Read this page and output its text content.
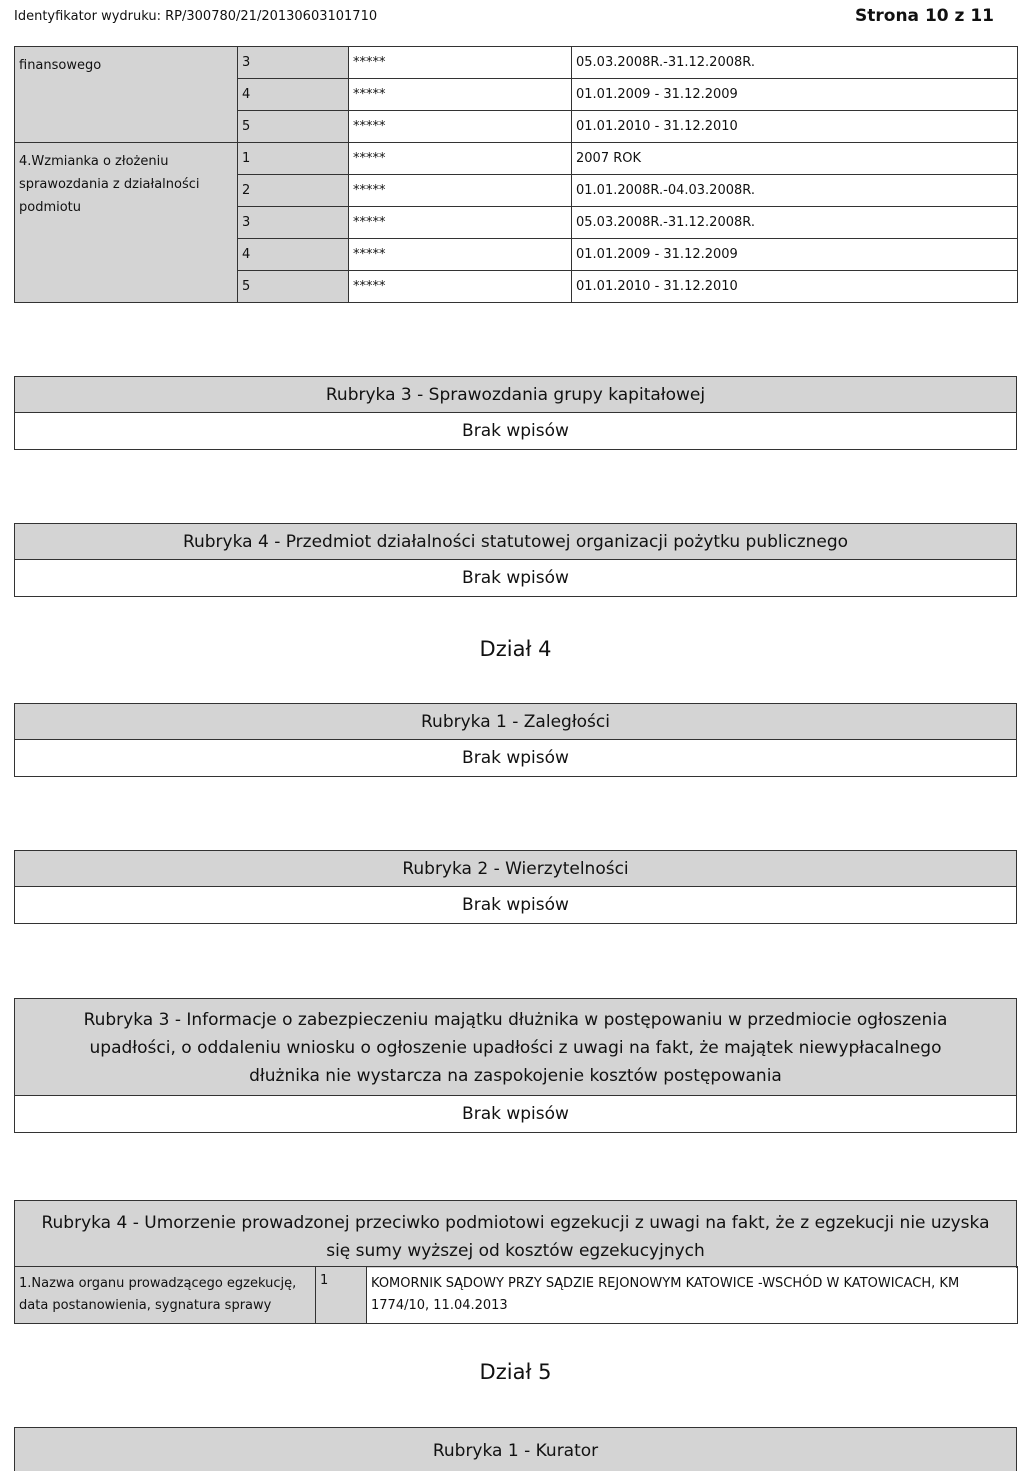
Identyfikator wydruku: RP/300780/21/20130603101710	Strona 10 z 11
finansowego	3	*****	05.03.2008R.-31.12.2008R.
	4	*****	01.01.2009 - 31.12.2009
	5	*****	01.01.2010 - 31.12.2010
4.Wzmianka o złożeniu sprawozdania z działalności podmiotu	1	*****	2007 ROK
	2	*****	01.01.2008R.-04.03.2008R.
	3	*****	05.03.2008R.-31.12.2008R.
	4	*****	01.01.2009 - 31.12.2009
	5	*****	01.01.2010 - 31.12.2010
Rubryka 3 - Sprawozdania grupy kapitałowej
Brak wpisów
Rubryka 4 - Przedmiot działalności statutowej organizacji pożytku publicznego
Brak wpisów
Dział 4
Rubryka 1 - Zaległości
Brak wpisów
Rubryka 2 - Wierzytelności
Brak wpisów
Rubryka 3 - Informacje o zabezpieczeniu majątku dłużnika w postępowaniu w przedmiocie ogłoszenia upadłości, o oddaleniu wniosku o ogłoszenie upadłości z uwagi na fakt, że majątek niewypłacalnego dłużnika nie wystarcza na zaspokojenie kosztów postępowania
Brak wpisów
Rubryka 4 - Umorzenie prowadzonej przeciwko podmiotowi egzekucji z uwagi na fakt, że z egzekucji nie uzyska się sumy wyższej od kosztów egzekucyjnych
1.Nazwa organu prowadzącego egzekucję, data postanowienia, sygnatura sprawy	1	KOMORNIK SĄDOWY PRZY SĄDZIE REJONOWYM KATOWICE -WSCHÓD W KATOWICACH, KM 1774/10, 11.04.2013
Dział 5
Rubryka 1 - Kurator
